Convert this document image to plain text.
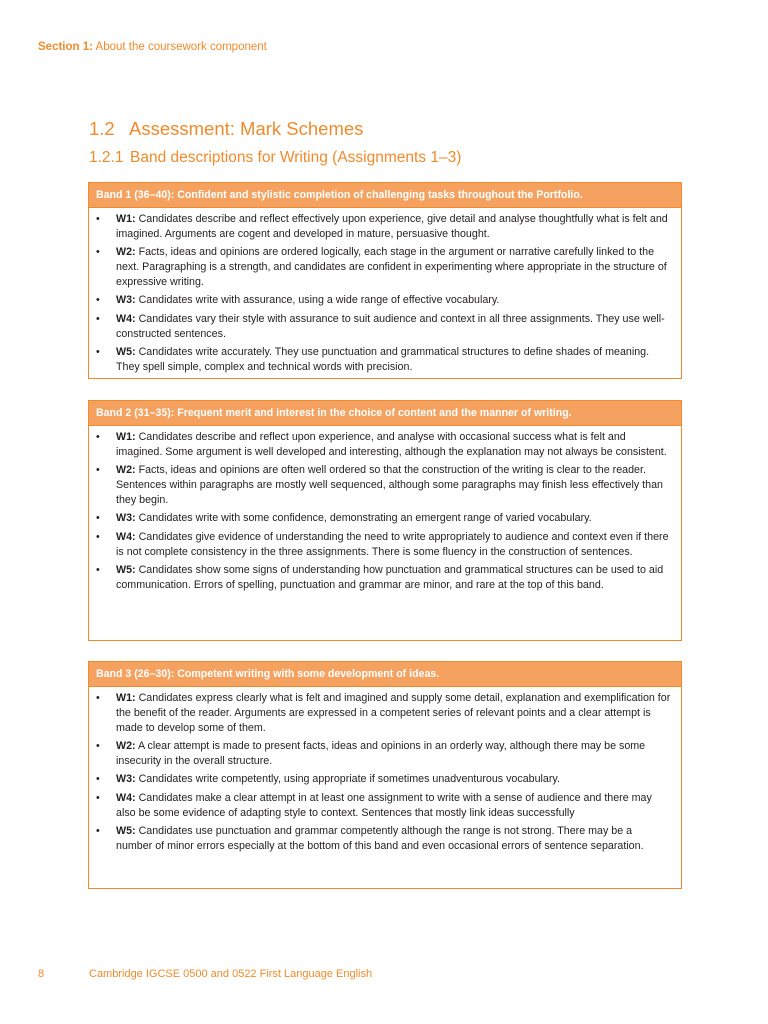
Section 1: About the coursework component
1.2 Assessment: Mark Schemes
1.2.1 Band descriptions for Writing (Assignments 1–3)
Band 1 (36–40): Confident and stylistic completion of challenging tasks throughout the Portfolio.
• W1: Candidates describe and reflect effectively upon experience, give detail and analyse thoughtfully what is felt and imagined. Arguments are cogent and developed in mature, persuasive thought.
• W2: Facts, ideas and opinions are ordered logically, each stage in the argument or narrative carefully linked to the next. Paragraphing is a strength, and candidates are confident in experimenting where appropriate in the structure of expressive writing.
• W3: Candidates write with assurance, using a wide range of effective vocabulary.
• W4: Candidates vary their style with assurance to suit audience and context in all three assignments. They use well-constructed sentences.
• W5: Candidates write accurately. They use punctuation and grammatical structures to define shades of meaning. They spell simple, complex and technical words with precision.
Band 2 (31–35): Frequent merit and interest in the choice of content and the manner of writing.
• W1: Candidates describe and reflect upon experience, and analyse with occasional success what is felt and imagined. Some argument is well developed and interesting, although the explanation may not always be consistent.
• W2: Facts, ideas and opinions are often well ordered so that the construction of the writing is clear to the reader. Sentences within paragraphs are mostly well sequenced, although some paragraphs may finish less effectively than they begin.
• W3: Candidates write with some confidence, demonstrating an emergent range of varied vocabulary.
• W4: Candidates give evidence of understanding the need to write appropriately to audience and context even if there is not complete consistency in the three assignments. There is some fluency in the construction of sentences.
• W5: Candidates show some signs of understanding how punctuation and grammatical structures can be used to aid communication. Errors of spelling, punctuation and grammar are minor, and rare at the top of this band.
Band 3 (26–30): Competent writing with some development of ideas.
• W1: Candidates express clearly what is felt and imagined and supply some detail, explanation and exemplification for the benefit of the reader. Arguments are expressed in a competent series of relevant points and a clear attempt is made to develop some of them.
• W2: A clear attempt is made to present facts, ideas and opinions in an orderly way, although there may be some insecurity in the overall structure.
• W3: Candidates write competently, using appropriate if sometimes unadventurous vocabulary.
• W4: Candidates make a clear attempt in at least one assignment to write with a sense of audience and there may also be some evidence of adapting style to context. Sentences that mostly link ideas successfully
• W5: Candidates use punctuation and grammar competently although the range is not strong. There may be a number of minor errors especially at the bottom of this band and even occasional errors of sentence separation.
8	Cambridge IGCSE 0500 and 0522 First Language English
